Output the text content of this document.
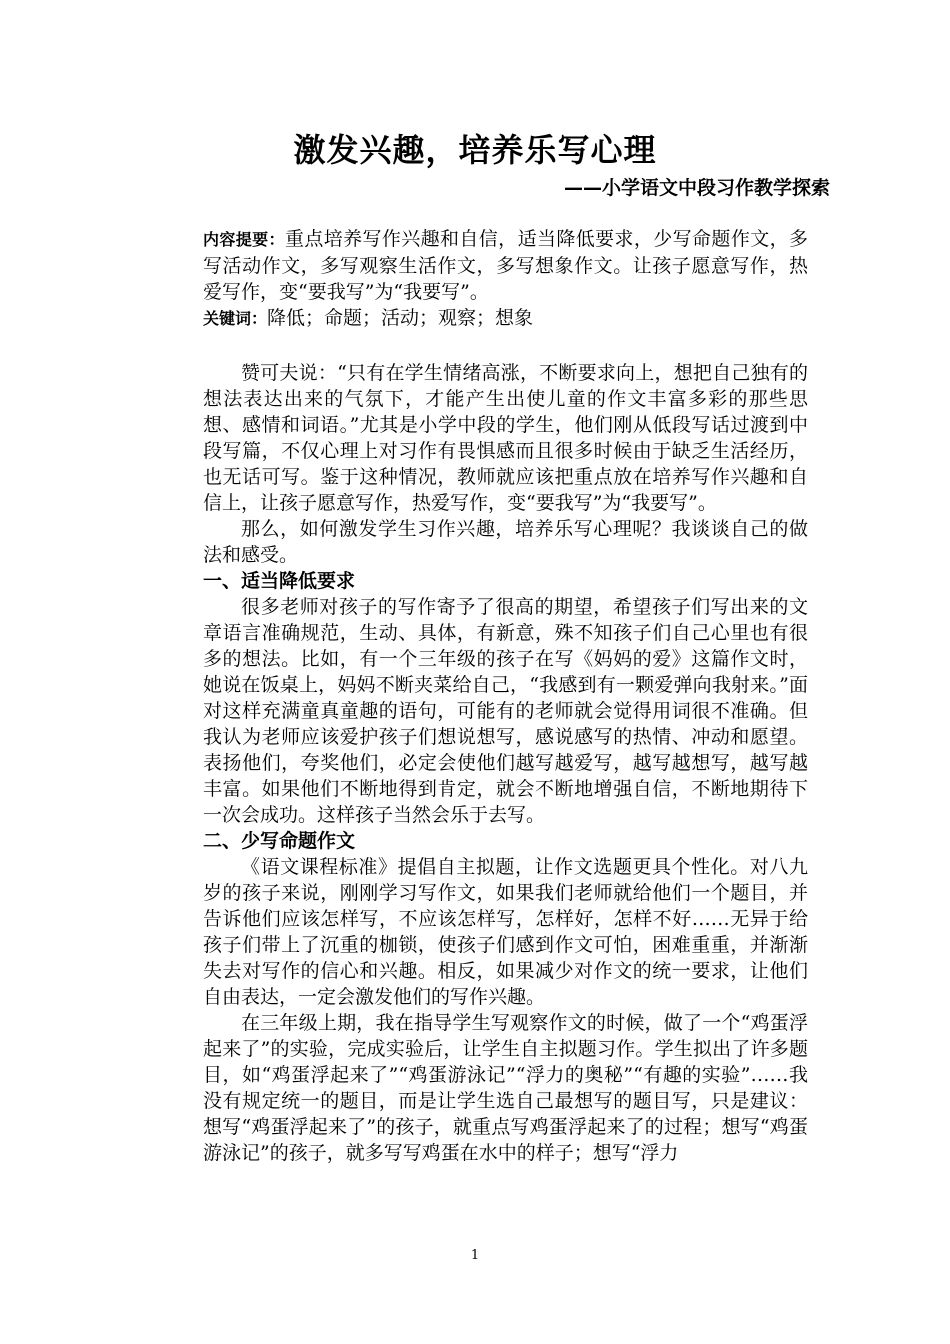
激发兴趣，培养乐写心理
——小学语文中段习作教学探索

内容提要：重点培养写作兴趣和自信，适当降低要求，少写命题作文，多写活动作文，多写观察生活作文，多写想象作文。让孩子愿意写作，热爱写作，变“要我写”为“我要写”。

关键词：降低；命题；活动；观察；想象

赞可夫说：“只有在学生情绪高涨，不断要求向上，想把自己独有的想法表达出来的气氛下，才能产生出使儿童的作文丰富多彩的那些思想、感情和词语。”尤其是小学中段的学生，他们刚从低段写话过渡到中段写篇，不仅心理上对习作有畏惧感而且很多时候由于缺乏生活经历，也无话可写。鉴于这种情况，教师就应该把重点放在培养写作兴趣和自信上，让孩子愿意写作，热爱写作，变“要我写”为“我要写”。

那么，如何激发学生习作兴趣，培养乐写心理呢？我谈谈自己的做法和感受。

一、适当降低要求

很多老师对孩子的写作寄予了很高的期望，希望孩子们写出来的文章语言准确规范，生动、具体，有新意，殊不知孩子们自己心里也有很多的想法。比如，有一个三年级的孩子在写《妈妈的爱》这篇作文时，她说在饭桌上，妈妈不断夹菜给自己，“我感到有一颗爱弹向我射来。”面对这样充满童真童趣的语句，可能有的老师就会觉得用词很不准确。但我认为老师应该爱护孩子们想说想写，感说感写的热情、冲动和愿望。表扬他们，夸奖他们，必定会使他们越写越爱写，越写越想写，越写越丰富。如果他们不断地得到肯定，就会不断地增强自信，不断地期待下一次会成功。这样孩子当然会乐于去写。

二、少写命题作文

《语文课程标准》提倡自主拟题，让作文选题更具个性化。对八九岁的孩子来说，刚刚学习写作文，如果我们老师就给他们一个题目，并告诉他们应该怎样写，不应该怎样写，怎样好，怎样不好……无异于给孩子们带上了沉重的枷锁，使孩子们感到作文可怕，困难重重，并渐渐失去对写作的信心和兴趣。相反，如果减少对作文的统一要求，让他们自由表达，一定会激发他们的写作兴趣。

在三年级上期，我在指导学生写观察作文的时候，做了一个“鸡蛋浮起来了”的实验，完成实验后，让学生自主拟题习作。学生拟出了许多题目，如“鸡蛋浮起来了”“鸡蛋游泳记”“浮力的奥秘”“有趣的实验”……我没有规定统一的题目，而是让学生选自己最想写的题目写，只是建议：想写“鸡蛋浮起来了”的孩子，就重点写鸡蛋浮起来了的过程；想写“鸡蛋游泳记”的孩子，就多写写鸡蛋在水中的样子；想写“浮力

1
